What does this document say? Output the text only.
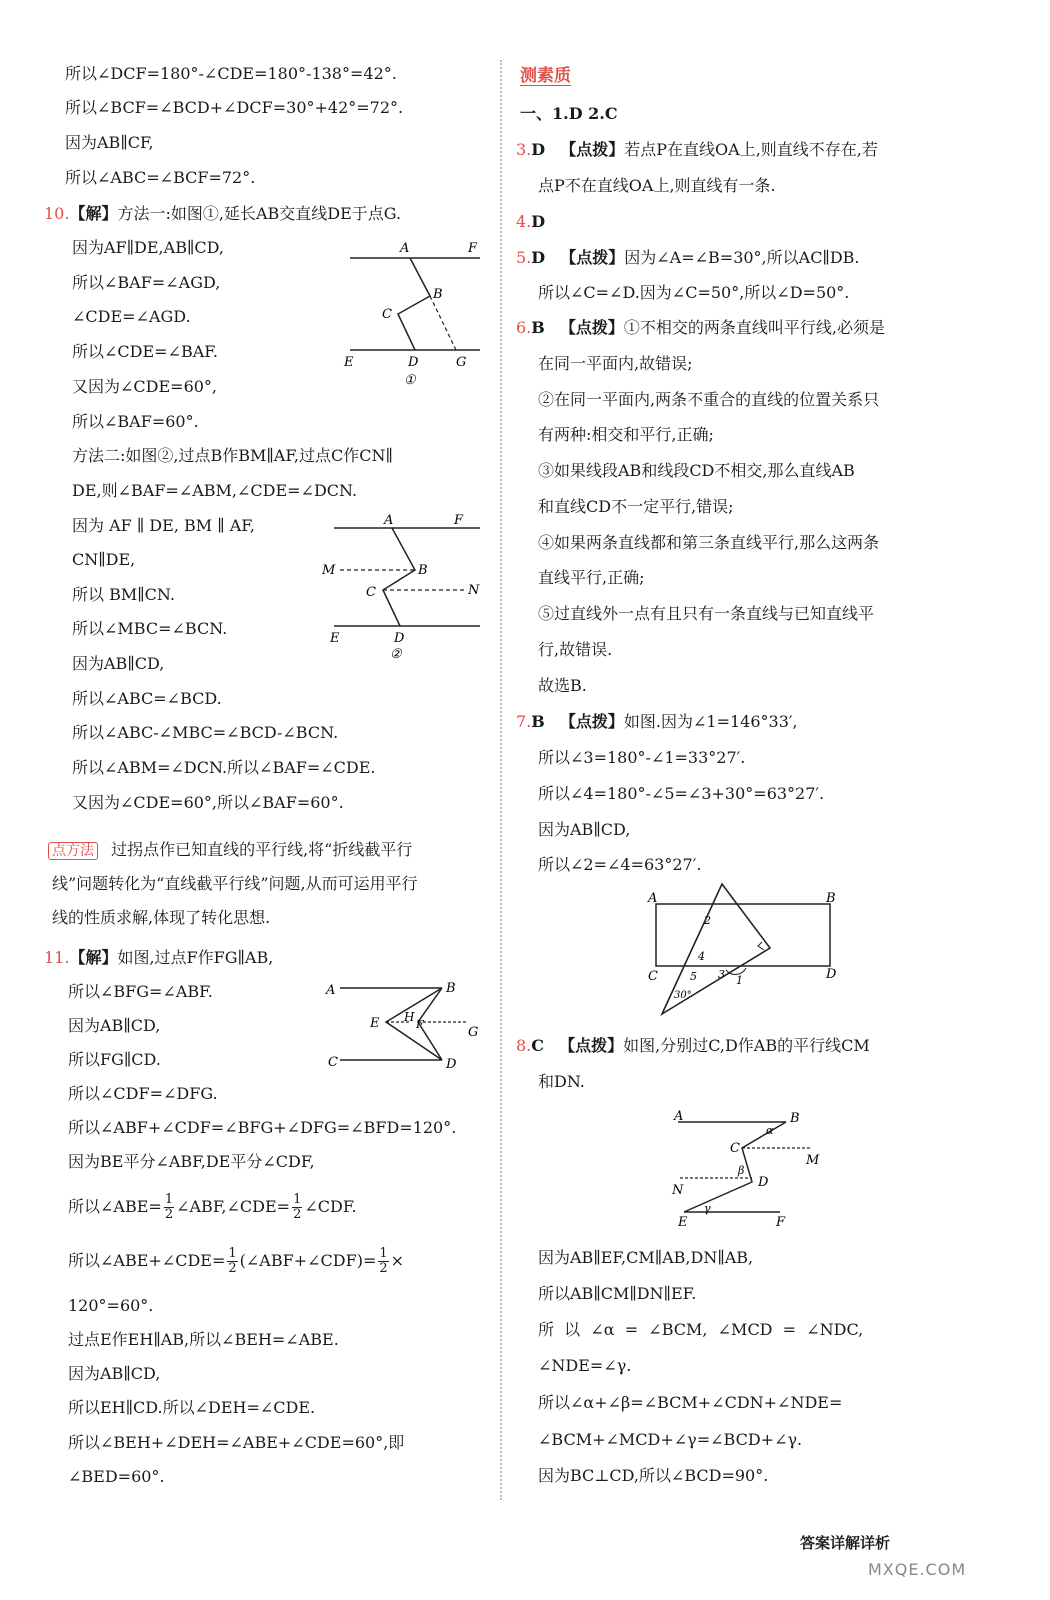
所以∠DCF=180°-∠CDE=180°-138°=42°.
所以∠BCF=∠BCD+∠DCF=30°+42°=72°.
因为AB∥CF,
所以∠ABC=∠BCF=72°.
10.【解】方法一:如图①,延长AB交直线DE于点G.
因为AF∥DE,AB∥CD,
所以∠BAF=∠AGD,
∠CDE=∠AGD.
所以∠CDE=∠BAF.
又因为∠CDE=60°,
所以∠BAF=60°.
A	F
B
C
E	D	G
①
方法二:如图②,过点B作BM∥AF,过点C作CN∥
DE,则∠BAF=∠ABM,∠CDE=∠DCN.
因为 AF ∥ DE, BM ∥ AF,
CN∥DE,
所以 BM∥CN.
所以∠MBC=∠BCN.
因为AB∥CD,
所以∠ABC=∠BCD.
所以∠ABC-∠MBC=∠BCD-∠BCN.
所以∠ABM=∠DCN.所以∠BAF=∠CDE.
又因为∠CDE=60°,所以∠BAF=60°.
A	F
M	B
C	N
E	D
②
点方法 过拐点作已知直线的平行线,将“折线截平行
线”问题转化为“直线截平行线”问题,从而可运用平行
线的性质求解,体现了转化思想.
11.【解】如图,过点F作FG∥AB,
所以∠BFG=∠ABF.
因为AB∥CD,
所以FG∥CD.
所以∠CDF=∠DFG.
所以∠ABF+∠CDF=∠BFG+∠DFG=∠BFD=120°.
因为BE平分∠ABF,DE平分∠CDF,
所以∠ABE= $\frac{1}{2}$ ∠ABF,∠CDE= $\frac{1}{2}$ ∠CDF.
所以∠ABE+∠CDE= $\frac{1}{2}$ (∠ABF+∠CDF)= $\frac{1}{2}$ ×
120°=60°.
过点E作EH∥AB,所以∠BEH=∠ABE.
因为AB∥CD,
所以EH∥CD.所以∠DEH=∠CDE.
所以∠BEH+∠DEH=∠ABE+∠CDE=60°,即
∠BED=60°.
A	B
E H
F
G
C	D
测素质
一、1.D 2.C
3.D 【点拨】若点P在直线OA上,则直线不存在,若
点P不在直线OA上,则直线有一条.
4.D
5.D 【点拨】因为∠A=∠B=30°,所以AC∥DB.
所以∠C=∠D.因为∠C=50°,所以∠D=50°.
6.B 【点拨】①不相交的两条直线叫平行线,必须是
在同一平面内,故错误;
②在同一平面内,两条不重合的直线的位置关系只
有两种:相交和平行,正确;
③如果线段AB和线段CD不相交,那么直线AB
和直线CD不一定平行,错误;
④如果两条直线都和第三条直线平行,那么这两条
直线平行,正确;
⑤过直线外一点有且只有一条直线与已知直线平
行,故错误.
故选B.
7.B 【点拨】如图.因为∠1=146°33′,
所以∠3=180°-∠1=33°27′.
所以∠4=180°-∠5=∠3+30°=63°27′.
因为AB∥CD,
所以∠2=∠4=63°27′.
A	B
C	D
1
2
3
4
5
30°
8.C 【点拨】如图,分别过C,D作AB的平行线CM
和DN.
A	B
α
C
M
β
D
N
γ
E	F
因为AB∥EF,CM∥AB,DN∥AB,
所以AB∥CM∥DN∥EF.
所  以  ∠α  =  ∠BCM,  ∠MCD  =  ∠NDC,
∠NDE=∠γ.
所以∠α+∠β=∠BCM+∠CDN+∠NDE=
∠BCM+∠MCD+∠γ=∠BCD+∠γ.
因为BC⊥CD,所以∠BCD=90°.
答案详解详析
MXQE.COM
